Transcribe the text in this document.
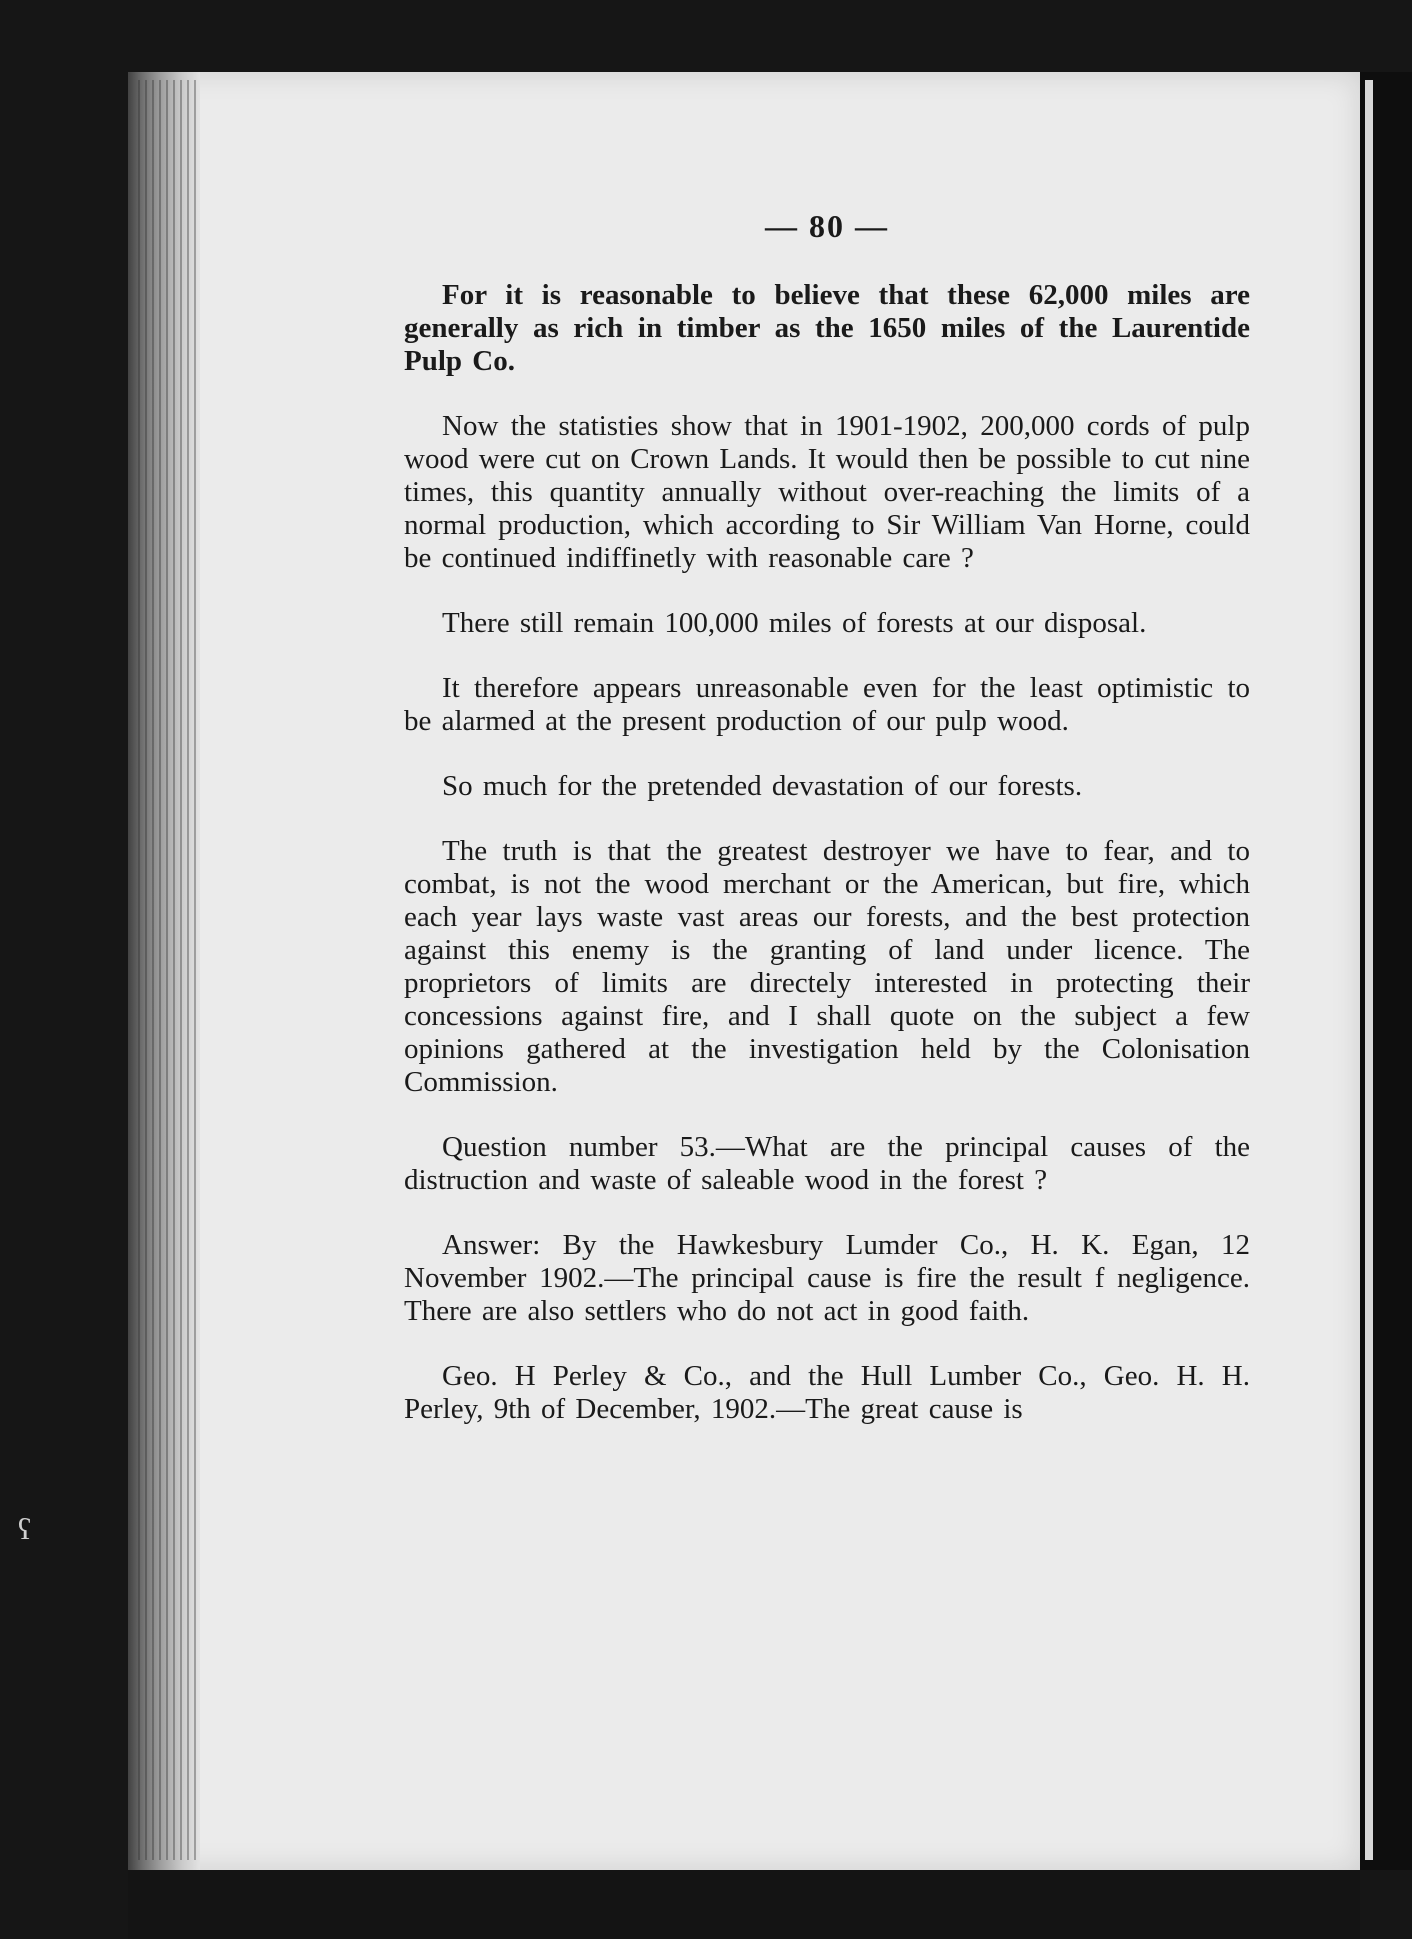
ʕ
— 80 —

For it is reasonable to believe that these 62,000 miles are generally as rich in timber as the 1650 miles of the Laurentide Pulp Co.

Now the statisties show that in 1901-1902, 200,000 cords of pulp wood were cut on Crown Lands. It would then be possible to cut nine times, this quantity annually without over-reaching the limits of a normal production, which according to Sir William Van Horne, could be continued indiffinetly with reasonable care ?

There still remain 100,000 miles of forests at our disposal.

It therefore appears unreasonable even for the least optimistic to be alarmed at the present production of our pulp wood.

So much for the pretended devastation of our forests.

The truth is that the greatest destroyer we have to fear, and to combat, is not the wood merchant or the American, but fire, which each year lays waste vast areas our forests, and the best protection against this enemy is the granting of land under licence. The proprietors of limits are directely interested in protecting their concessions against fire, and I shall quote on the subject a few opinions gathered at the investigation held by the Colonisation Commission.

Question number 53.—What are the principal causes of the distruction and waste of saleable wood in the forest ?

Answer: By the Hawkesbury Lumder Co., H. K. Egan, 12 November 1902.—The principal cause is fire the result f negligence. There are also settlers who do not act in good faith.

Geo. H Perley & Co., and the Hull Lumber Co., Geo. H. H. Perley, 9th of December, 1902.—The great cause is
